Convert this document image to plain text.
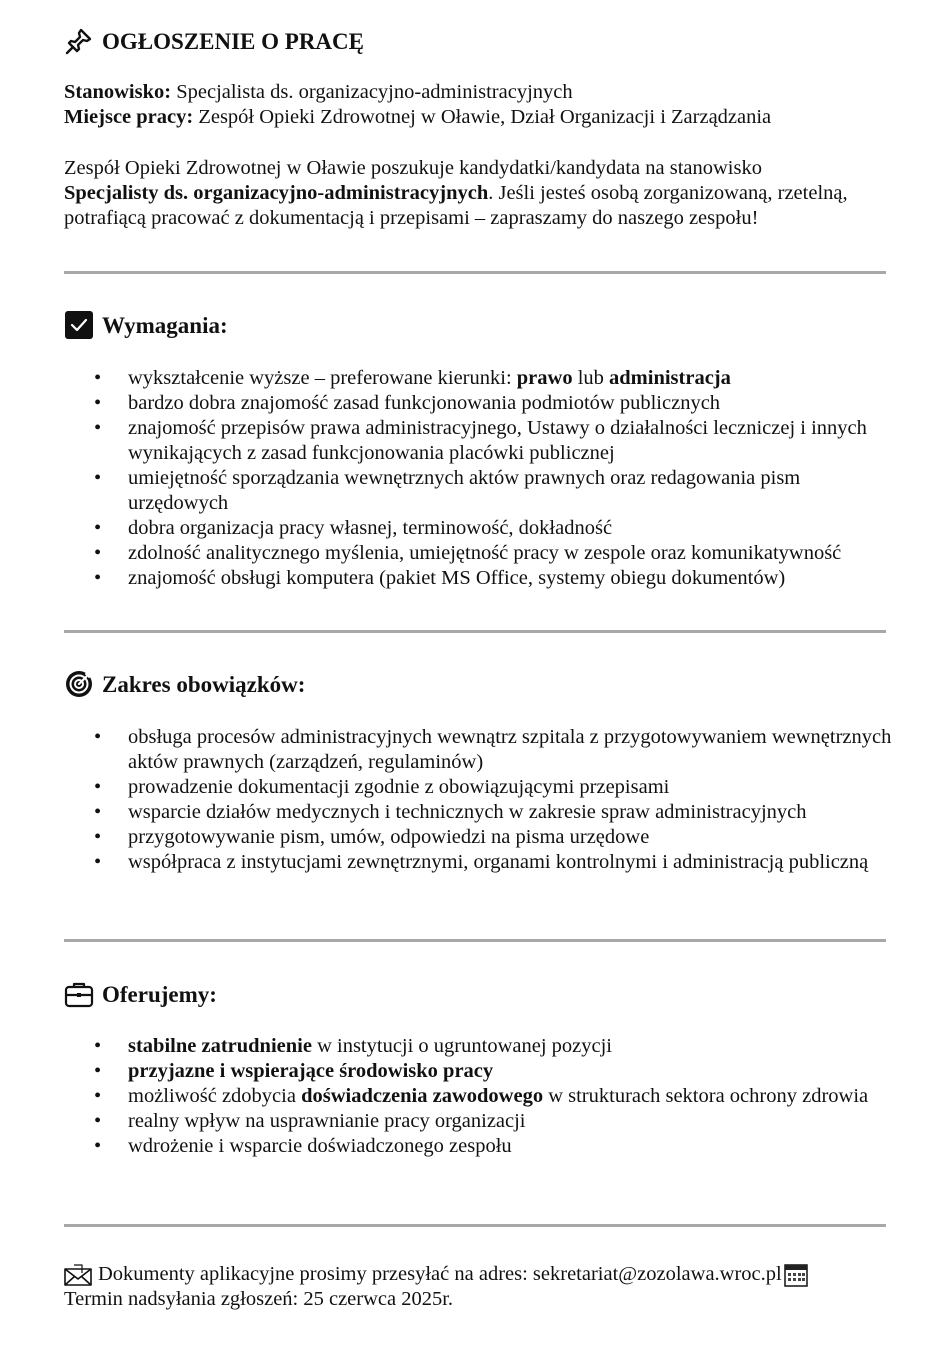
OGŁOSZENIE O PRACĘ
Stanowisko: Specjalista ds. organizacyjno-administracyjnych
Miejsce pracy: Zespół Opieki Zdrowotnej w Oławie, Dział Organizacji i Zarządzania
Zespół Opieki Zdrowotnej w Oławie poszukuje kandydatki/kandydata na stanowisko
Specjalisty ds. organizacyjno-administracyjnych. Jeśli jesteś osobą zorganizowaną, rzetelną, potrafiącą pracować z dokumentacją i przepisami – zapraszamy do naszego zespołu!
Wymagania:
• wykształcenie wyższe – preferowane kierunki: prawo lub administracja
• bardzo dobra znajomość zasad funkcjonowania podmiotów publicznych
• znajomość przepisów prawa administracyjnego, Ustawy o działalności leczniczej i innych wynikających z zasad funkcjonowania placówki publicznej
• umiejętność sporządzania wewnętrznych aktów prawnych oraz redagowania pism urzędowych
• dobra organizacja pracy własnej, terminowość, dokładność
• zdolność analitycznego myślenia, umiejętność pracy w zespole oraz komunikatywność
• znajomość obsługi komputera (pakiet MS Office, systemy obiegu dokumentów)
Zakres obowiązków:
• obsługa procesów administracyjnych wewnątrz szpitala z przygotowywaniem wewnętrznych aktów prawnych (zarządzeń, regulaminów)
• prowadzenie dokumentacji zgodnie z obowiązującymi przepisami
• wsparcie działów medycznych i technicznych w zakresie spraw administracyjnych
• przygotowywanie pism, umów, odpowiedzi na pisma urzędowe
• współpraca z instytucjami zewnętrznymi, organami kontrolnymi i administracją publiczną
Oferujemy:
• stabilne zatrudnienie w instytucji o ugruntowanej pozycji
• przyjazne i wspierające środowisko pracy
• możliwość zdobycia doświadczenia zawodowego w strukturach sektora ochrony zdrowia
• realny wpływ na usprawnianie pracy organizacji
• wdrożenie i wsparcie doświadczonego zespołu
Dokumenty aplikacyjne prosimy przesyłać na adres: sekretariat@zozolawa.wroc.pl
Termin nadsyłania zgłoszeń: 25 czerwca 2025r.
